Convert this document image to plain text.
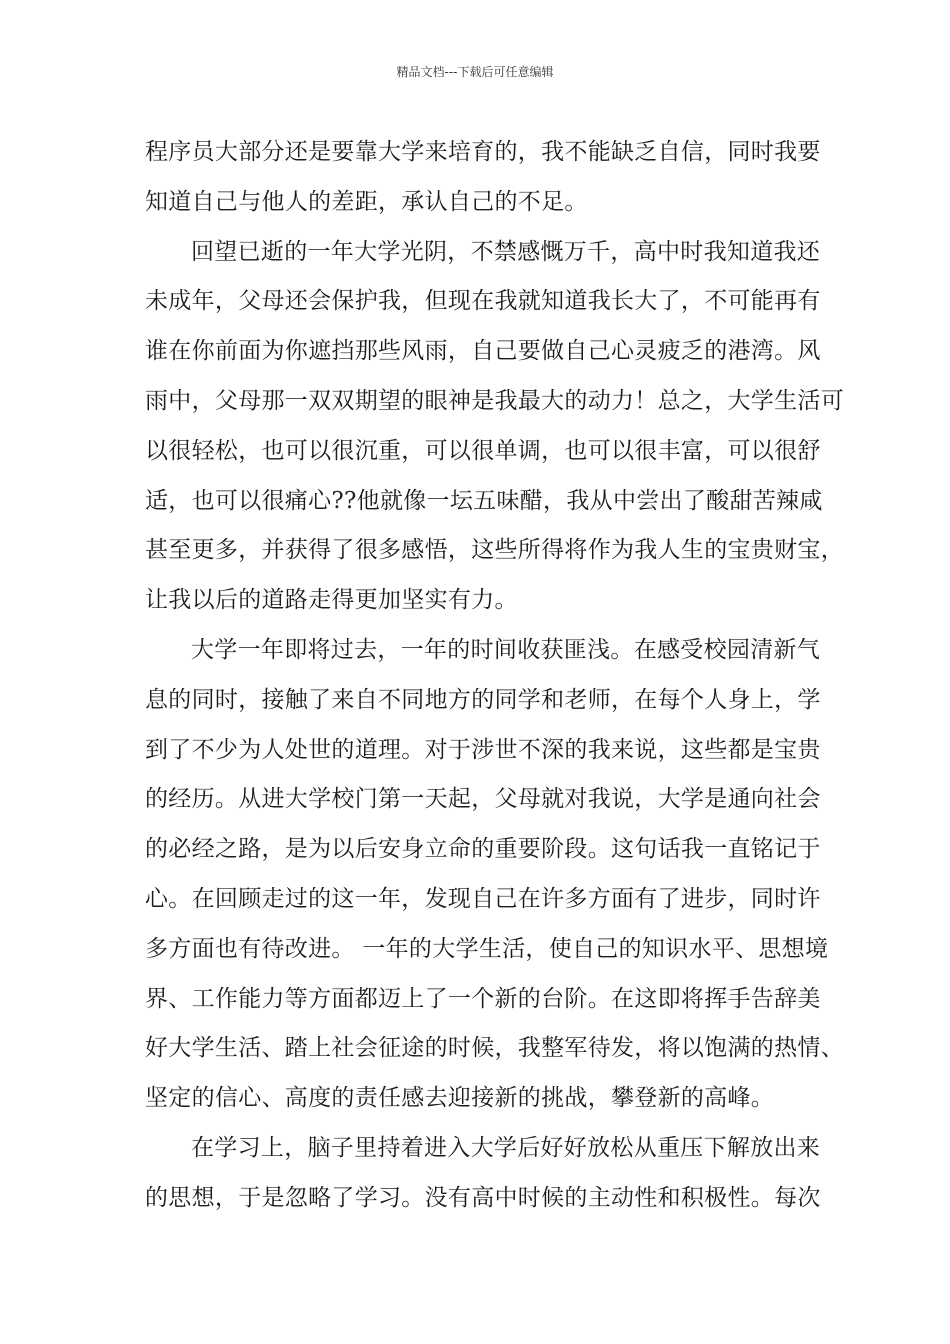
精品文档---下载后可任意编辑
程序员大部分还是要靠大学来培育的，我不能缺乏自信，同时我要
知道自己与他人的差距，承认自己的不足。
回望已逝的一年大学光阴，不禁感慨万千，高中时我知道我还
未成年，父母还会保护我，但现在我就知道我长大了，不可能再有
谁在你前面为你遮挡那些风雨，自己要做自己心灵疲乏的港湾。风
雨中，父母那一双双期望的眼神是我最大的动力！总之，大学生活可
以很轻松，也可以很沉重，可以很单调，也可以很丰富，可以很舒
适，也可以很痛心??他就像一坛五味醋，我从中尝出了酸甜苦辣咸
甚至更多，并获得了很多感悟，这些所得将作为我人生的宝贵财宝，
让我以后的道路走得更加坚实有力。
大学一年即将过去，一年的时间收获匪浅。在感受校园清新气
息的同时，接触了来自不同地方的同学和老师，在每个人身上，学
到了不少为人处世的道理。对于涉世不深的我来说，这些都是宝贵
的经历。从进大学校门第一天起，父母就对我说，大学是通向社会
的必经之路，是为以后安身立命的重要阶段。这句话我一直铭记于
心。在回顾走过的这一年，发现自己在许多方面有了进步，同时许
多方面也有待改进。 一年的大学生活，使自己的知识水平、思想境
界、工作能力等方面都迈上了一个新的台阶。在这即将挥手告辞美
好大学生活、踏上社会征途的时候，我整军待发，将以饱满的热情、
坚定的信心、高度的责任感去迎接新的挑战，攀登新的高峰。
在学习上，脑子里持着进入大学后好好放松从重压下解放出来
的思想，于是忽略了学习。没有高中时候的主动性和积极性。每次
